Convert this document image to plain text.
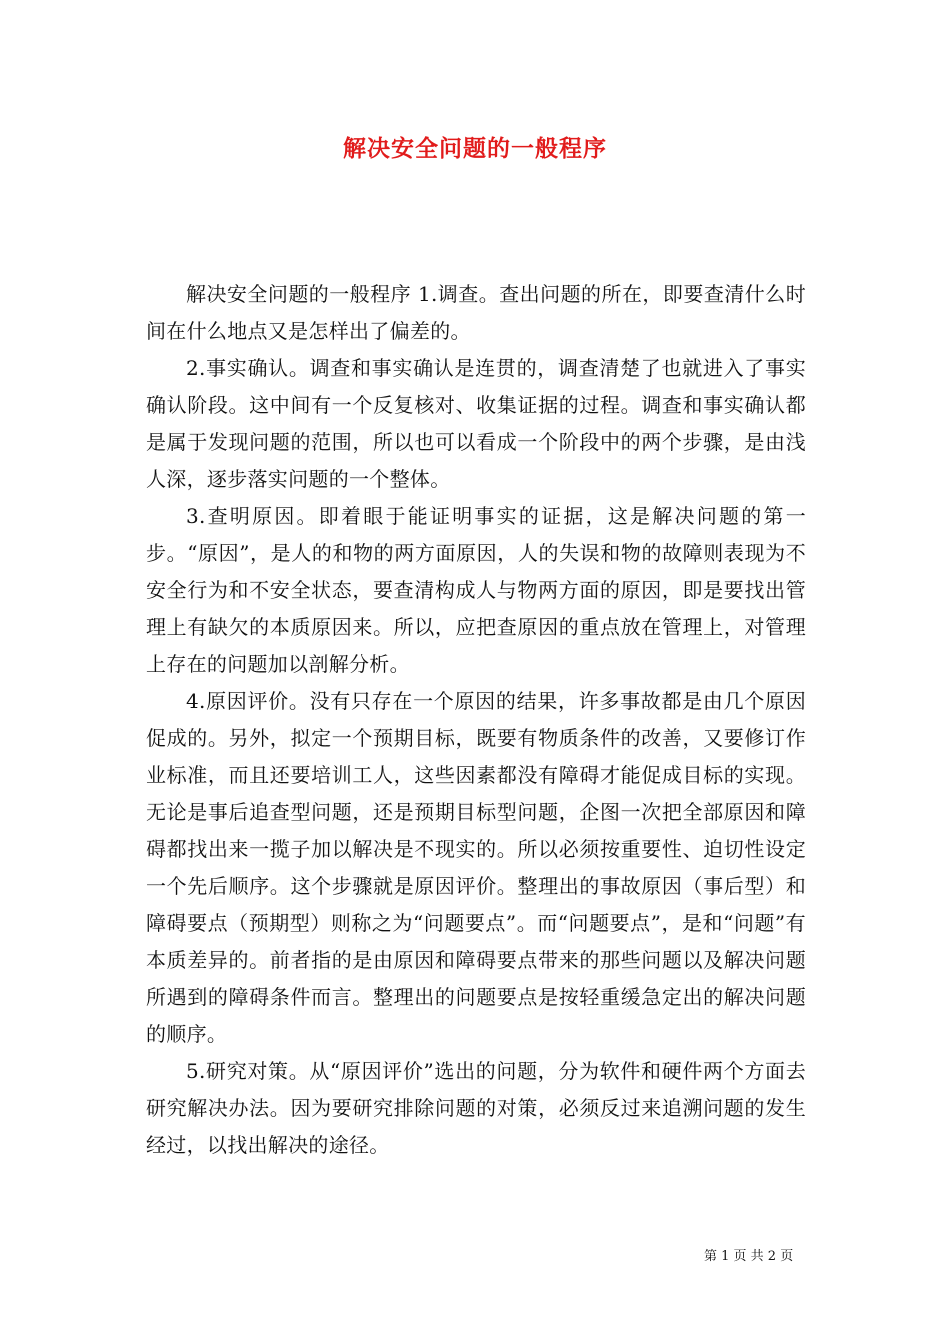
解决安全问题的一般程序

解决安全问题的一般程序 1.调查。查出问题的所在，即要查清什么时间在什么地点又是怎样出了偏差的。

2.事实确认。调查和事实确认是连贯的，调查清楚了也就进入了事实确认阶段。这中间有一个反复核对、收集证据的过程。调查和事实确认都是属于发现问题的范围，所以也可以看成一个阶段中的两个步骤，是由浅人深，逐步落实问题的一个整体。

3.查明原因。即着眼于能证明事实的证据，这是解决问题的第一步。“原因”，是人的和物的两方面原因，人的失误和物的故障则表现为不安全行为和不安全状态，要查清构成人与物两方面的原因，即是要找出管理上有缺欠的本质原因来。所以，应把查原因的重点放在管理上，对管理上存在的问题加以剖解分析。

4.原因评价。没有只存在一个原因的结果，许多事故都是由几个原因促成的。另外，拟定一个预期目标，既要有物质条件的改善，又要修订作业标准，而且还要培训工人，这些因素都没有障碍才能促成目标的实现。无论是事后追查型问题，还是预期目标型问题，企图一次把全部原因和障碍都找出来一揽子加以解决是不现实的。所以必须按重要性、迫切性设定一个先后顺序。这个步骤就是原因评价。整理出的事故原因（事后型）和障碍要点（预期型）则称之为“问题要点”。而“问题要点”，是和“问题”有本质差异的。前者指的是由原因和障碍要点带来的那些问题以及解决问题所遇到的障碍条件而言。整理出的问题要点是按轻重缓急定出的解决问题的顺序。

5.研究对策。从“原因评价”选出的问题，分为软件和硬件两个方面去研究解决办法。因为要研究排除问题的对策，必须反过来追溯问题的发生经过，以找出解决的途径。

第 1 页 共 2 页
